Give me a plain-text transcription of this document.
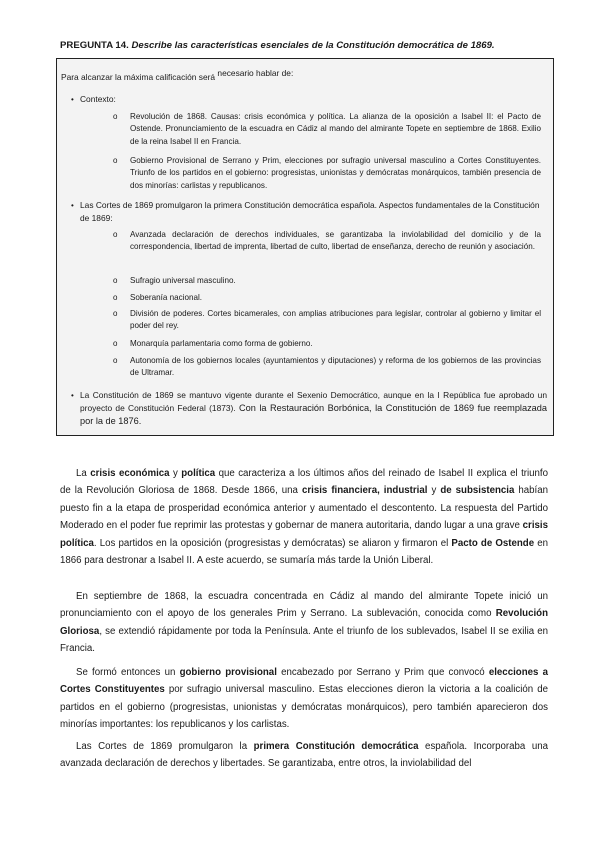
PREGUNTA 14. Describe las características esenciales de la Constitución democrática de 1869.
Para alcanzar la máxima calificación será necesario hablar de:
• Contexto:
o	Revolución de 1868. Causas: crisis económica y política. La alianza de la oposición a Isabel II: el Pacto de Ostende. Pronunciamiento de la escuadra en Cádiz al mando del almirante Topete en septiembre de 1868. Exilio de la reina Isabel II en Francia.
o	Gobierno Provisional de Serrano y Prim, elecciones por sufragio universal masculino a Cortes Constituyentes. Triunfo de los partidos en el gobierno: progresistas, unionistas y demócratas monárquicos, también presencia de dos minorías: carlistas y republicanos.
• Las Cortes de 1869 promulgaron la primera Constitución democrática española. Aspectos fundamentales de la Constitución de 1869:
o	Avanzada declaración de derechos individuales, se garantizaba la inviolabilidad del domicilio y de la correspondencia, libertad de imprenta, libertad de culto, libertad de enseñanza, derecho de reunión y asociación.
o	Sufragio universal masculino.
o	Soberanía nacional.
o	División de poderes. Cortes bicamerales, con amplias atribuciones para legislar, controlar al gobierno y limitar el poder del rey.
o	Monarquía parlamentaria como forma de gobierno.
o	Autonomía de los gobiernos locales (ayuntamientos y diputaciones) y reforma de los gobiernos de las provincias de Ultramar.
• La Constitución de 1869 se mantuvo vigente durante el Sexenio Democrático, aunque en la I República fue aprobado un proyecto de Constitución Federal (1873). Con la Restauración Borbónica, la Constitución de 1869 fue reemplazada por la de 1876.
La crisis económica y política que caracteriza a los últimos años del reinado de Isabel II explica el triunfo de la Revolución Gloriosa de 1868. Desde 1866, una crisis financiera, industrial y de subsistencia habían puesto fin a la etapa de prosperidad económica anterior y aumentado el descontento. La respuesta del Partido Moderado en el poder fue reprimir las protestas y gobernar de manera autoritaria, dando lugar a una grave crisis política. Los partidos en la oposición (progresistas y demócratas) se aliaron y firmaron el Pacto de Ostende en 1866 para destronar a Isabel II. A este acuerdo, se sumaría más tarde la Unión Liberal.
En septiembre de 1868, la escuadra concentrada en Cádiz al mando del almirante Topete inició un pronunciamiento con el apoyo de los generales Prim y Serrano. La sublevación, conocida como Revolución Gloriosa, se extendió rápidamente por toda la Península. Ante el triunfo de los sublevados, Isabel II se exilia en Francia.
Se formó entonces un gobierno provisional encabezado por Serrano y Prim que convocó elecciones a Cortes Constituyentes por sufragio universal masculino. Estas elecciones dieron la victoria a la coalición de partidos en el gobierno (progresistas, unionistas y demócratas monárquicos), pero también aparecieron dos minorías importantes: los republicanos y los carlistas.
Las Cortes de 1869 promulgaron la primera Constitución democrática española. Incorporaba una avanzada declaración de derechos y libertades. Se garantizaba, entre otros, la inviolabilidad del
